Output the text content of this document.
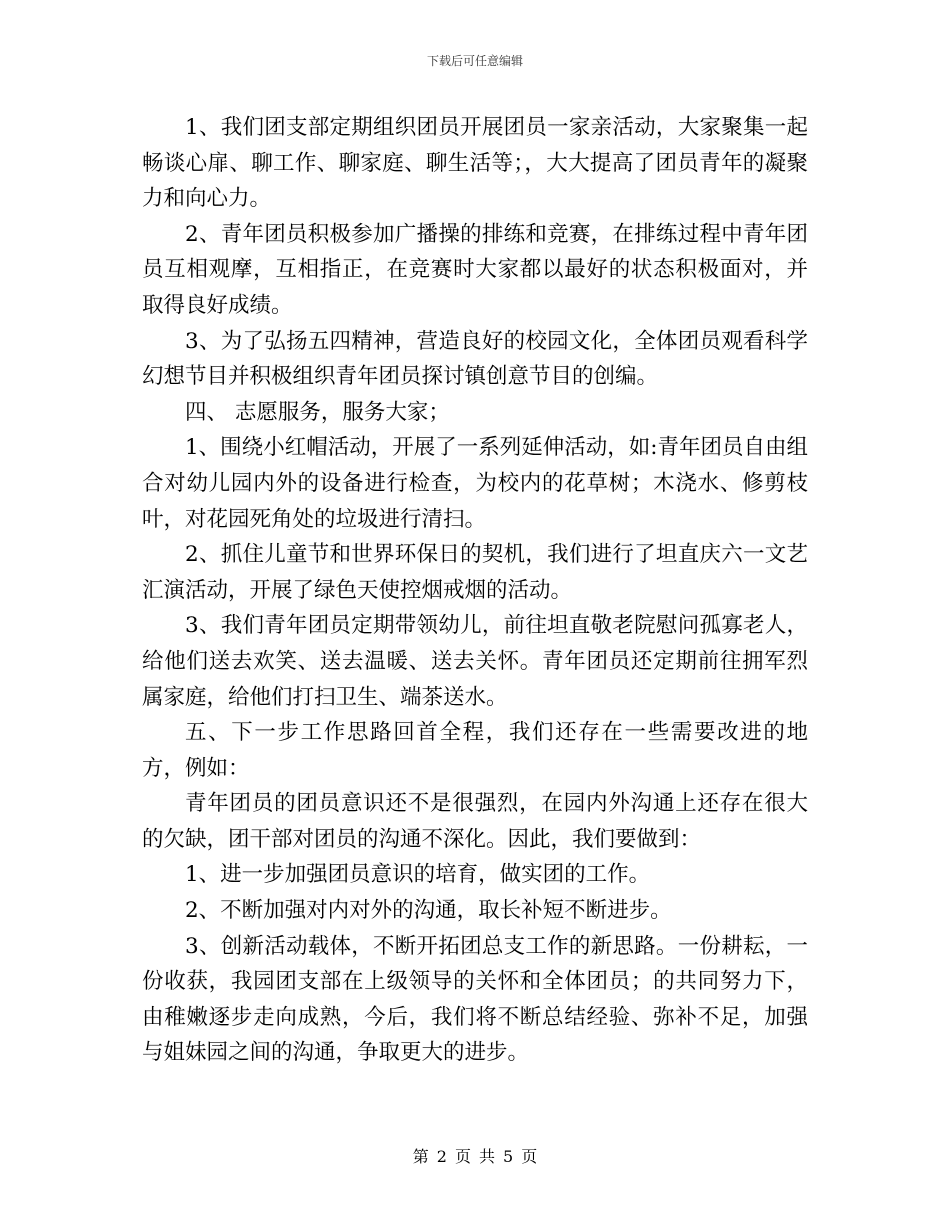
下载后可任意编辑

1、我们团支部定期组织团员开展团员一家亲活动，大家聚集一起畅谈心扉、聊工作、聊家庭、聊生活等；，大大提高了团员青年的凝聚力和向心力。

2、青年团员积极参加广播操的排练和竞赛，在排练过程中青年团员互相观摩，互相指正，在竞赛时大家都以最好的状态积极面对，并取得良好成绩。

3、为了弘扬五四精神，营造良好的校园文化，全体团员观看科学幻想节目并积极组织青年团员探讨镇创意节目的创编。

四、 志愿服务，服务大家；

1、围绕小红帽活动，开展了一系列延伸活动，如:青年团员自由组合对幼儿园内外的设备进行检查，为校内的花草树；木浇水、修剪枝叶，对花园死角处的垃圾进行清扫。

2、抓住儿童节和世界环保日的契机，我们进行了坦直庆六一文艺汇演活动，开展了绿色天使控烟戒烟的活动。

3、我们青年团员定期带领幼儿，前往坦直敬老院慰问孤寡老人，给他们送去欢笑、送去温暖、送去关怀。青年团员还定期前往拥军烈属家庭，给他们打扫卫生、端茶送水。

五、下一步工作思路回首全程，我们还存在一些需要改进的地方，例如：

青年团员的团员意识还不是很强烈，在园内外沟通上还存在很大的欠缺，团干部对团员的沟通不深化。因此，我们要做到：

1、进一步加强团员意识的培育，做实团的工作。

2、不断加强对内对外的沟通，取长补短不断进步。

3、创新活动载体，不断开拓团总支工作的新思路。一份耕耘，一份收获，我园团支部在上级领导的关怀和全体团员；的共同努力下，由稚嫩逐步走向成熟，今后，我们将不断总结经验、弥补不足，加强与姐妹园之间的沟通，争取更大的进步。

第 2 页 共 5 页
